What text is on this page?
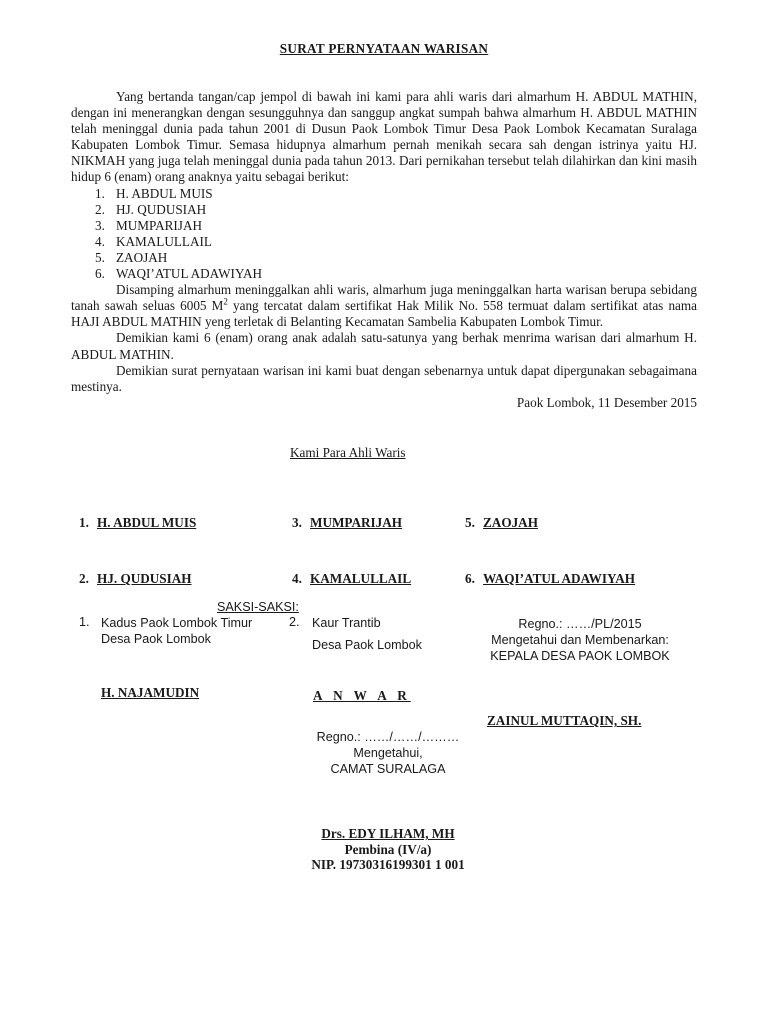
SURAT PERNYATAAN WARISAN

Yang bertanda tangan/cap jempol di bawah ini kami para ahli waris dari almarhum H. ABDUL MATHIN, dengan ini menerangkan dengan sesungguhnya dan sanggup angkat sumpah bahwa almarhum H. ABDUL MATHIN telah meninggal dunia pada tahun 2001 di Dusun Paok Lombok Timur Desa Paok Lombok Kecamatan Suralaga Kabupaten Lombok Timur. Semasa hidupnya almarhum pernah menikah secara sah dengan istrinya yaitu HJ. NIKMAH yang juga telah meninggal dunia pada tahun 2013. Dari pernikahan tersebut telah dilahirkan dan kini masih hidup 6 (enam) orang anaknya yaitu sebagai berikut:

1. H. ABDUL MUIS
2. HJ. QUDUSIAH
3. MUMPARIJAH
4. KAMALULLAIL
5. ZAOJAH
6. WAQI’ATUL ADAWIYAH

Disamping almarhum meninggalkan ahli waris, almarhum juga meninggalkan harta warisan berupa sebidang tanah sawah seluas 6005 $M^2$ yang tercatat dalam sertifikat Hak Milik No. 558 termuat dalam sertifikat atas nama HAJI ABDUL MATHIN yeng terletak di Belanting Kecamatan Sambelia Kabupaten Lombok Timur.

Demikian kami 6 (enam) orang anak adalah satu-satunya yang berhak menrima warisan dari almarhum H. ABDUL MATHIN.

Demikian surat pernyataan warisan ini kami buat dengan sebenarnya untuk dapat dipergunakan sebagaimana mestinya.

Paok Lombok, 11 Desember 2015

Kami Para Ahli Waris
1. H. ABDUL MUIS	3. MUMPARIJAH	5. ZAOJAH
2. HJ. QUDUSIAH	4. KAMALULLAIL	6. WAQI’ATUL ADAWIYAH
SAKSI-SAKSI:
1. Kadus Paok Lombok Timur
Desa Paok Lombok
2. Kaur Trantib
Desa Paok Lombok
Regno.: ……/PL/2015
Mengetahui dan Membenarkan:
KEPALA DESA PAOK LOMBOK
H. NAJAMUDIN	A N W A R
ZAINUL MUTTAQIN, SH.
Regno.: ……/……/………
Mengetahui,
CAMAT SURALAGA
Drs. EDY ILHAM, MH
Pembina (IV/a)
NIP. 19730316199301 1 001
